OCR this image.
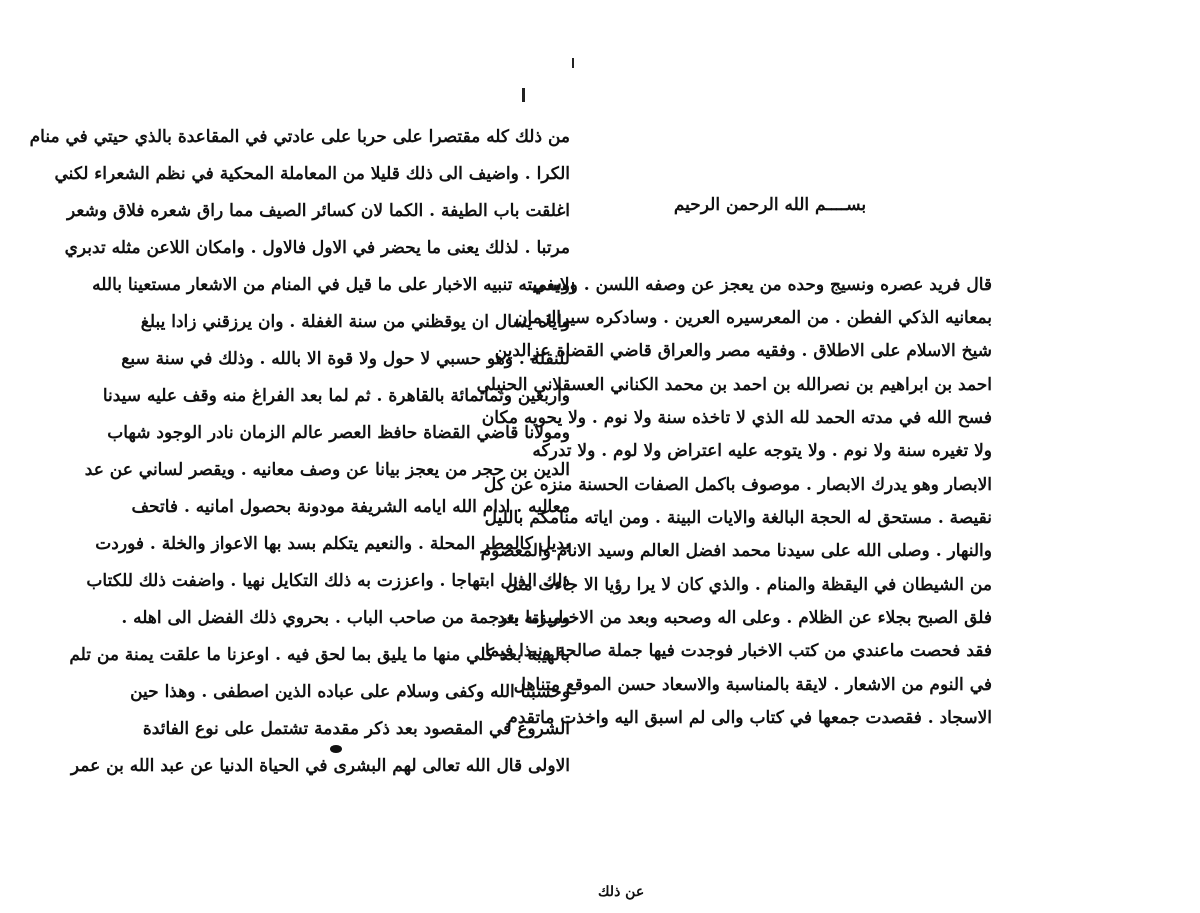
بســــم الله الرحمن الرحيم
قال فريد عصره ونسيج وحده من يعجز عن وصفه اللسن . ولايفي
بمعانيه الذكي الفطن . من المعرسيره العرين . وسادكره سيرالزمان
شيخ الاسلام على الاطلاق . وفقيه مصر والعراق قاضي القضاة عزالدين
احمد بن ابراهيم بن نصرالله بن احمد بن محمد الكناني العسقلاني الحنبلي
فسح الله في مدته الحمد لله الذي لا تاخذه سنة ولا نوم . ولا يحويه مكان
ولا تغيره سنة ولا نوم . ولا يتوجه عليه اعتراض ولا لوم . ولا تدركه
الابصار وهو يدرك الابصار . موصوف باكمل الصفات الحسنة منزه عن كل
نقيصة . مستحق له الحجة البالغة والايات البينة . ومن اياته منامكم بالليل
والنهار . وصلى الله على سيدنا محمد افضل العالم وسيد الانام والمعصوم
من الشيطان في اليقظة والمنام . والذي كان لا يرا رؤيا الا جاءت مثل
فلق الصبح بجلاء عن الظلام . وعلى اله وصحبه وبعد من الاخبار اما بعد
فقد فحصت ماعندي من كتب الاخبار فوجدت فيها جملة صالحة ونبذا فيما
في النوم من الاشعار . لايقة بالمناسبة والاسعاد حسن الموقع متناهل
الاسجاد . فقصدت جمعها في كتاب والى لم اسبق اليه واخذت ماتقدم
من ذلك كله مقتصرا على حربا على عادتي في المقاعدة بالذي حيتي في منام
الكرا . واضيف الى ذلك قليلا من المعاملة المحكية في نظم الشعراء لكني
اغلقت باب الطيفة . الكما لان كسائر الصيف مما راق شعره فلاق وشعر
مرتبا . لذلك يعنى ما يحضر في الاول فالاول . وامكان اللاعن مثله تدبري
وسميته تنبيه الاخبار على ما قيل في المنام من الاشعار مستعينا بالله
واياه يسال ان يوقظني من سنة الغفلة . وان يرزقني زادا يبلغ
للنقلة . وهو حسبي لا حول ولا قوة الا بالله . وذلك في سنة سبع
واربعين وثمانمائة بالقاهرة . ثم لما بعد الفراغ منه وقف عليه سيدنا
ومولانا قاضي القضاة حافظ العصر عالم الزمان نادر الوجود شهاب
الدين بن حجر من يعجز بيانا عن وصف معانيه . ويقصر لساني عن عد
معاليه . ادام الله ايامه الشريفة مودونة بحصول امانيه . فاتحف
بديل كالمطر المحلة . والنعيم يتكلم بسد بها الاعواز والخلة . فوردت
ذلك الذيل ابتهاجا . واعززت به ذلك التكايل نهيا . واضفت ذلك للكتاب
وميزته بترجمة من صاحب الباب . بحروي ذلك الفضل الى اهله .
بالهيبة بعد كلي منها ما يليق بما لحق فيه . اوعزنا ما علقت يمنة من تلم
وحسبنا الله وكفى وسلام على عباده الذين اصطفى . وهذا حين
الشروع في المقصود بعد ذكر مقدمة تشتمل على نوع الفائدة
الاولى قال الله تعالى لهم البشرى في الحياة الدنيا عن عبد الله بن عمر
عن ذلك
